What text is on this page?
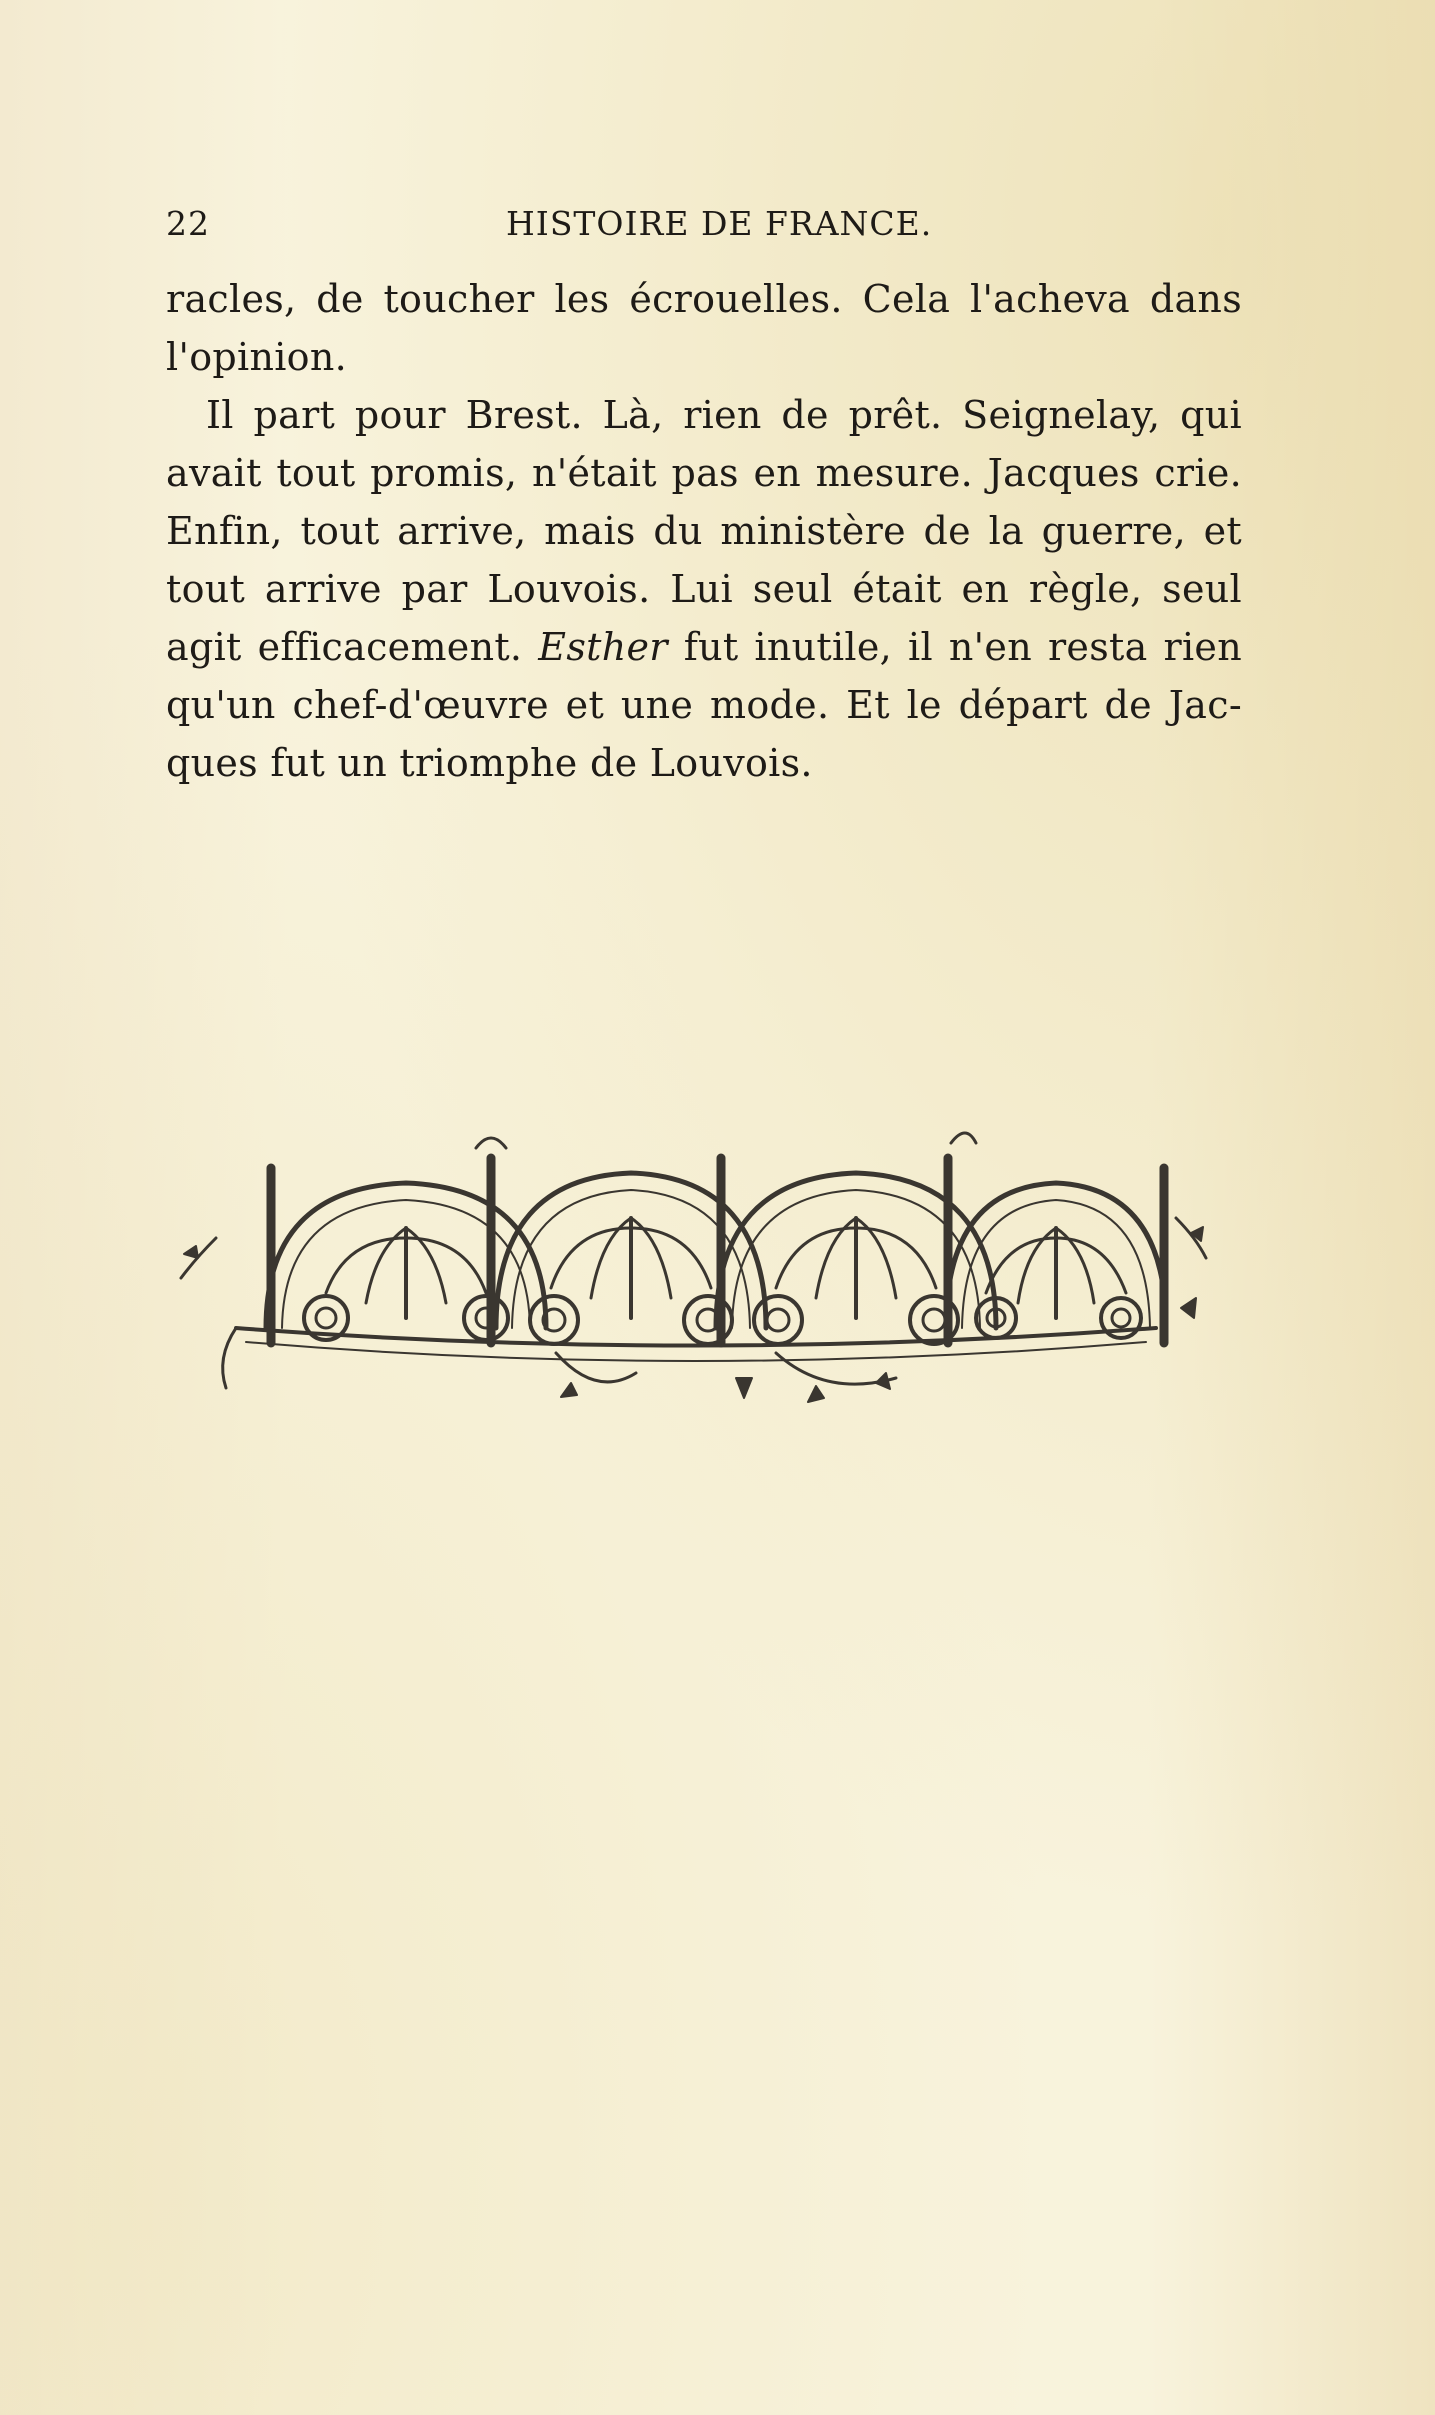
22	HISTOIRE DE FRANCE.
racles, de toucher les écrouelles. Cela l'acheva dans
l'opinion.
Il part pour Brest. Là, rien de prêt. Seignelay, qui
avait tout promis, n'était pas en mesure. Jacques crie.
Enfin, tout arrive, mais du ministère de la guerre, et
tout arrive par Louvois. Lui seul était en règle, seul
agit efficacement. Esther fut inutile, il n'en resta rien
qu'un chef-d'œuvre et une mode. Et le départ de Jac-
ques fut un triomphe de Louvois.
